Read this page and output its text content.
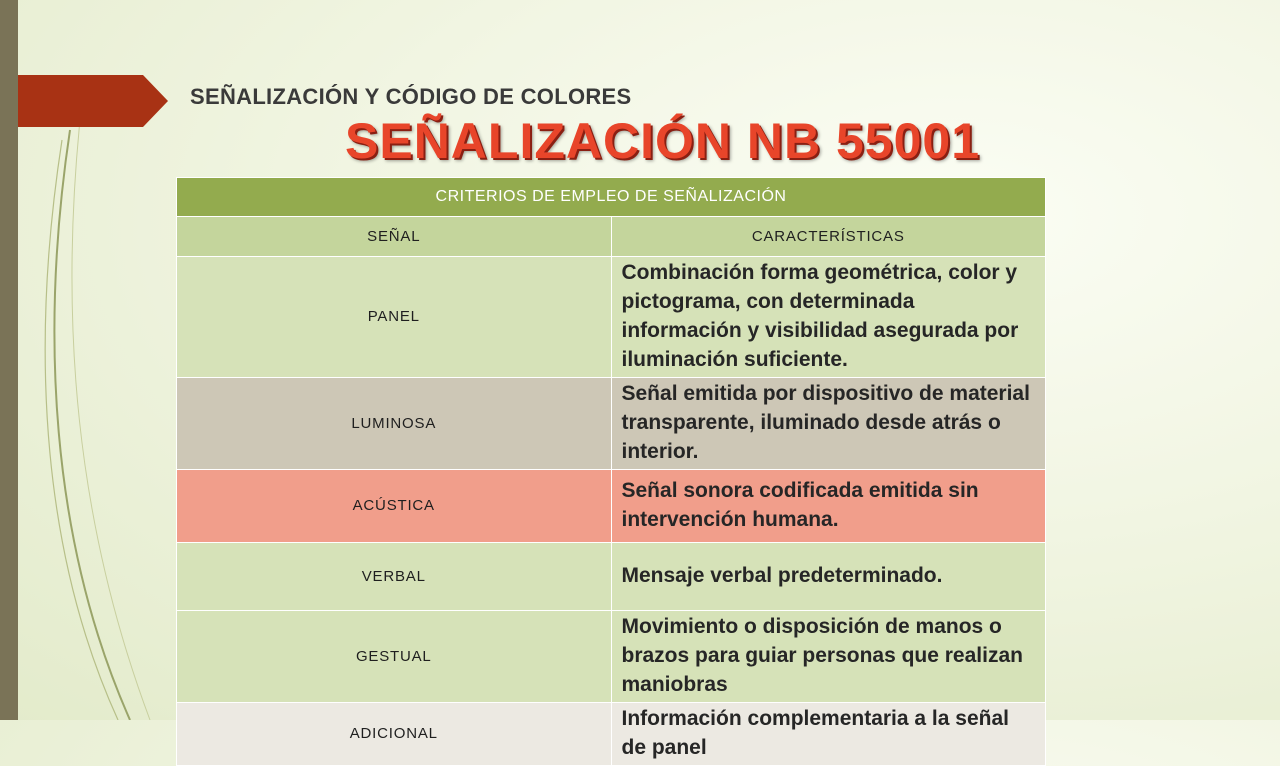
SEÑALIZACIÓN Y CÓDIGO DE COLORES
SEÑALIZACIÓN NB 55001
CRITERIOS DE EMPLEO DE SEÑALIZACIÓN	
SEÑAL	CARACTERÍSTICAS
PANEL	Combinación forma geométrica, color y pictograma, con determinada información y visibilidad asegurada por iluminación suficiente.
LUMINOSA	Señal emitida por dispositivo de material transparente, iluminado desde atrás o interior.
ACÚSTICA	Señal sonora codificada emitida sin intervención humana.
VERBAL	Mensaje verbal predeterminado.
GESTUAL	Movimiento o disposición de manos o brazos para guiar personas que realizan maniobras
ADICIONAL	Información complementaria a la señal de panel
